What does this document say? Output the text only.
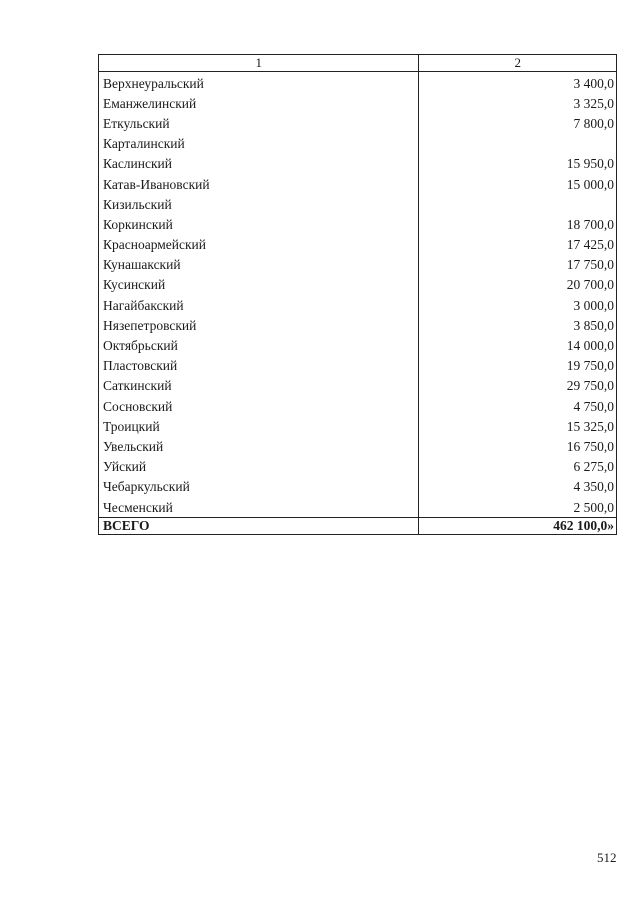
1	2
Верхнеуральский	3 400,0
Еманжелинский	3 325,0
Еткульский	7 800,0
Карталинский	
Каслинский	15 950,0
Катав-Ивановский	15 000,0
Кизильский	
Коркинский	18 700,0
Красноармейский	17 425,0
Кунашакский	17 750,0
Кусинский	20 700,0
Нагайбакский	3 000,0
Нязепетровский	3 850,0
Октябрьский	14 000,0
Пластовский	19 750,0
Саткинский	29 750,0
Сосновский	4 750,0
Троицкий	15 325,0
Увельский	16 750,0
Уйский	6 275,0
Чебаркульский	4 350,0
Чесменский	2 500,0
ВСЕГО	462 100,0»
512
